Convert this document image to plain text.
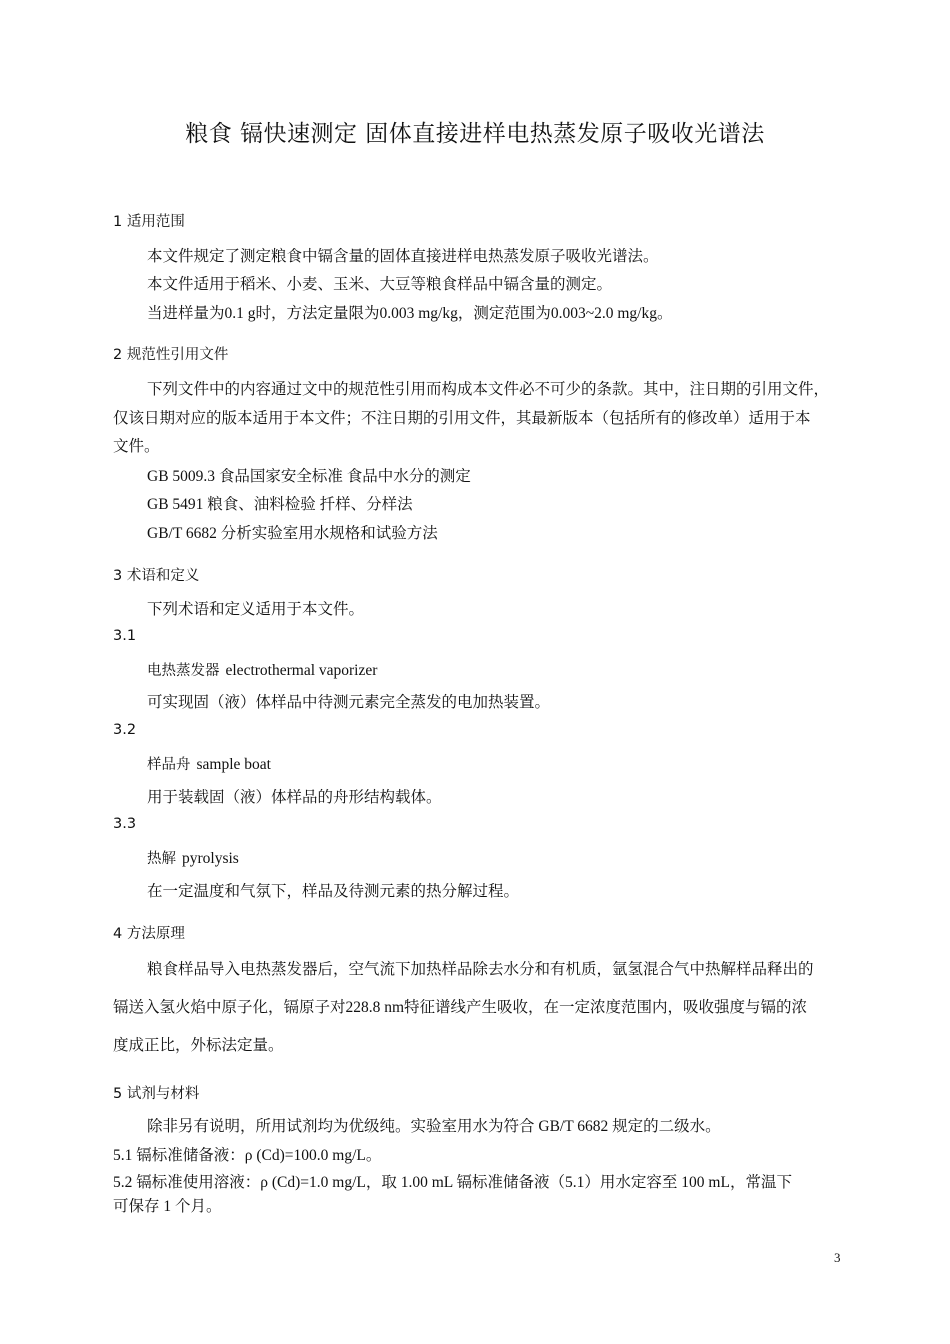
粮食 镉快速测定 固体直接进样电热蒸发原子吸收光谱法
1 适用范围
本文件规定了测定粮食中镉含量的固体直接进样电热蒸发原子吸收光谱法。
本文件适用于稻米、小麦、玉米、大豆等粮食样品中镉含量的测定。
当进样量为0.1 g时，方法定量限为0.003 mg/kg，测定范围为0.003~2.0 mg/kg。
2 规范性引用文件
下列文件中的内容通过文中的规范性引用而构成本文件必不可少的条款。其中，注日期的引用文件，
仅该日期对应的版本适用于本文件；不注日期的引用文件，其最新版本（包括所有的修改单）适用于本
文件。
GB 5009.3 食品国家安全标准 食品中水分的测定
GB 5491 粮食、油料检验 扦样、分样法
GB/T 6682 分析实验室用水规格和试验方法
3 术语和定义
下列术语和定义适用于本文件。
3.1
电热蒸发器 electrothermal vaporizer
可实现固（液）体样品中待测元素完全蒸发的电加热装置。
3.2
样品舟 sample boat
用于装载固（液）体样品的舟形结构载体。
3.3
热解 pyrolysis
在一定温度和气氛下，样品及待测元素的热分解过程。
4 方法原理
粮食样品导入电热蒸发器后，空气流下加热样品除去水分和有机质，氩氢混合气中热解样品释出的
镉送入氢火焰中原子化，镉原子对228.8 nm特征谱线产生吸收，在一定浓度范围内，吸收强度与镉的浓
度成正比，外标法定量。
5 试剂与材料
除非另有说明，所用试剂均为优级纯。实验室用水为符合 GB/T 6682 规定的二级水。
5.1 镉标准储备液：ρ (Cd)=100.0 mg/L。
5.2 镉标准使用溶液：ρ (Cd)=1.0 mg/L，取 1.00 mL 镉标准储备液（5.1）用水定容至 100 mL，常温下
可保存 1 个月。
3
